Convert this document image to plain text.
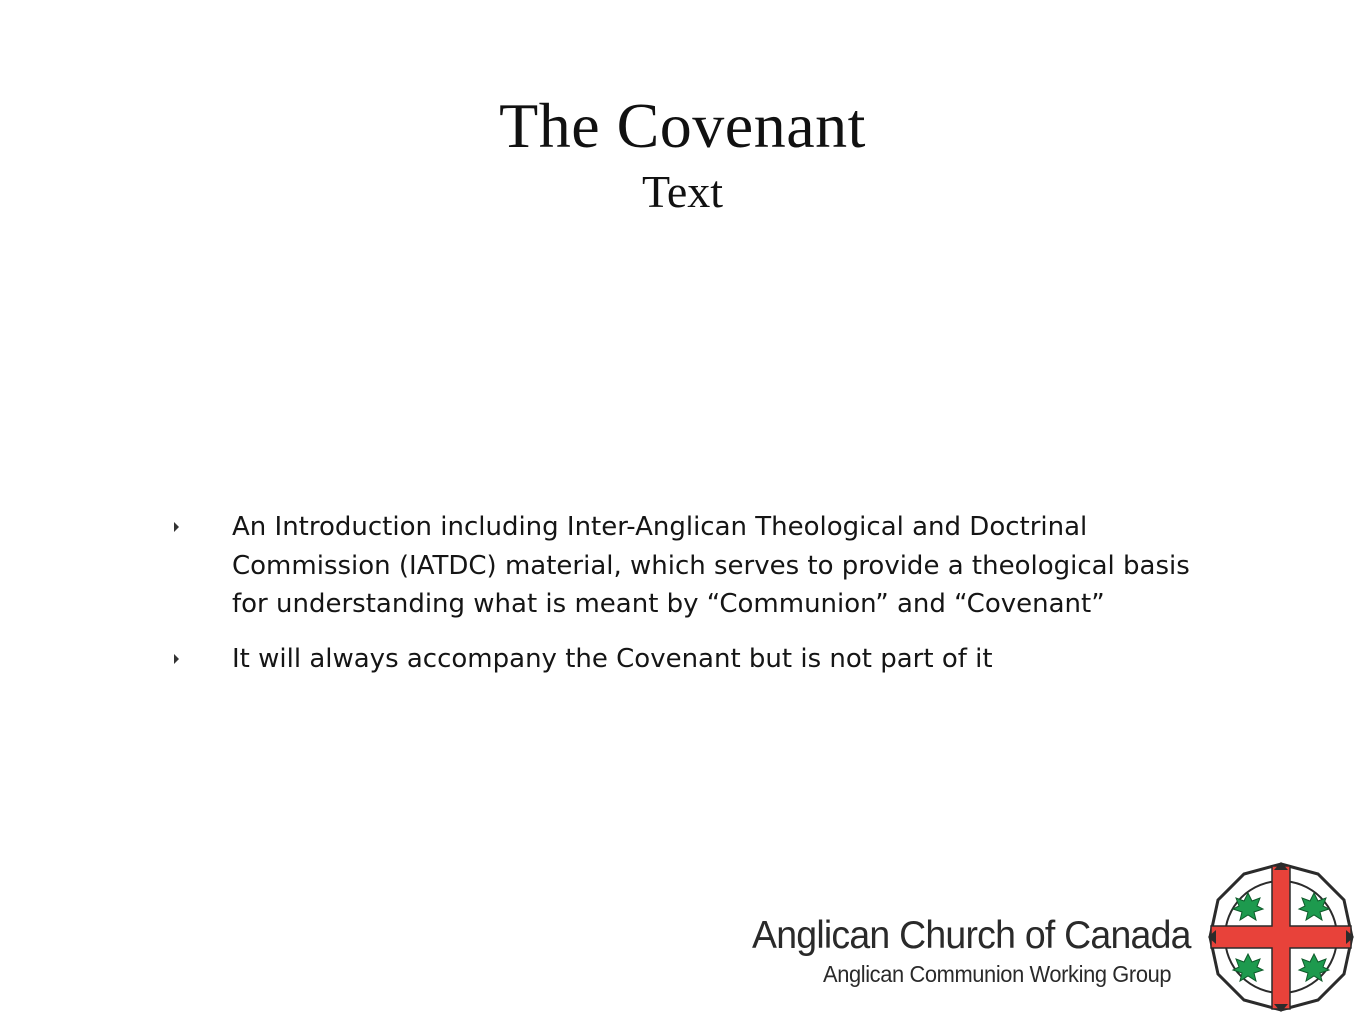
The Covenant
Text
An Introduction including Inter-Anglican Theological and Doctrinal Commission (IATDC) material, which serves to provide a theological basis for understanding what is meant by “Communion” and “Covenant”
It will always accompany the Covenant but is not part of it
Anglican Church of Canada
Anglican Communion Working Group
